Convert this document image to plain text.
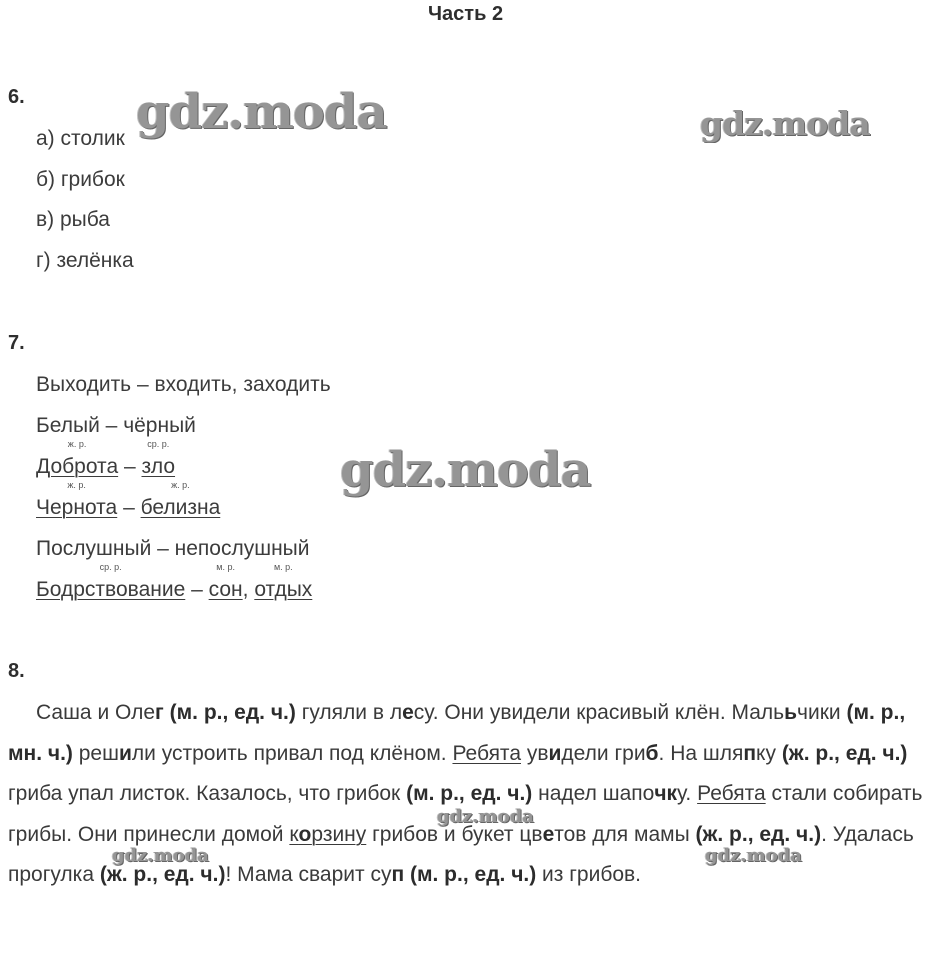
Часть 2
6.
а) столик
б) грибок
в) рыба
г) зелёнка
7.
Выходить – входить, заходить
Белый – чёрный
ж. р.
Доброта –
ср. р.
зло
ж. р.
Чернота –
ж. р.
белизна
Послушный – непослушный
ср. р.
Бодрствование –
м. р.
сон,
м. р.
отдых
8.
Саша и Олег (м. р., ед. ч.) гуляли в лесу. Они увидели красивый клён. Малььчики (м. р., мн. ч.) решили устроить привал под клёном. Ребята увидели гриб. На шляпку (ж. р., ед. ч.) гриба упал листок. Казалось, что грибок (м. р., ед. ч.) надел шапочку. Ребята стали собирать грибы. Они принесли домой корзину грибов и букет цветов для мамы (ж. р., ед. ч.). Удалась прогулка (ж. р., ед. ч.)! Мама сварит суп (м. р., ед. ч.) из грибов.
gdz.moda	gdz.moda
gdz.moda
gdz.moda
gdz.moda	gdz.moda
